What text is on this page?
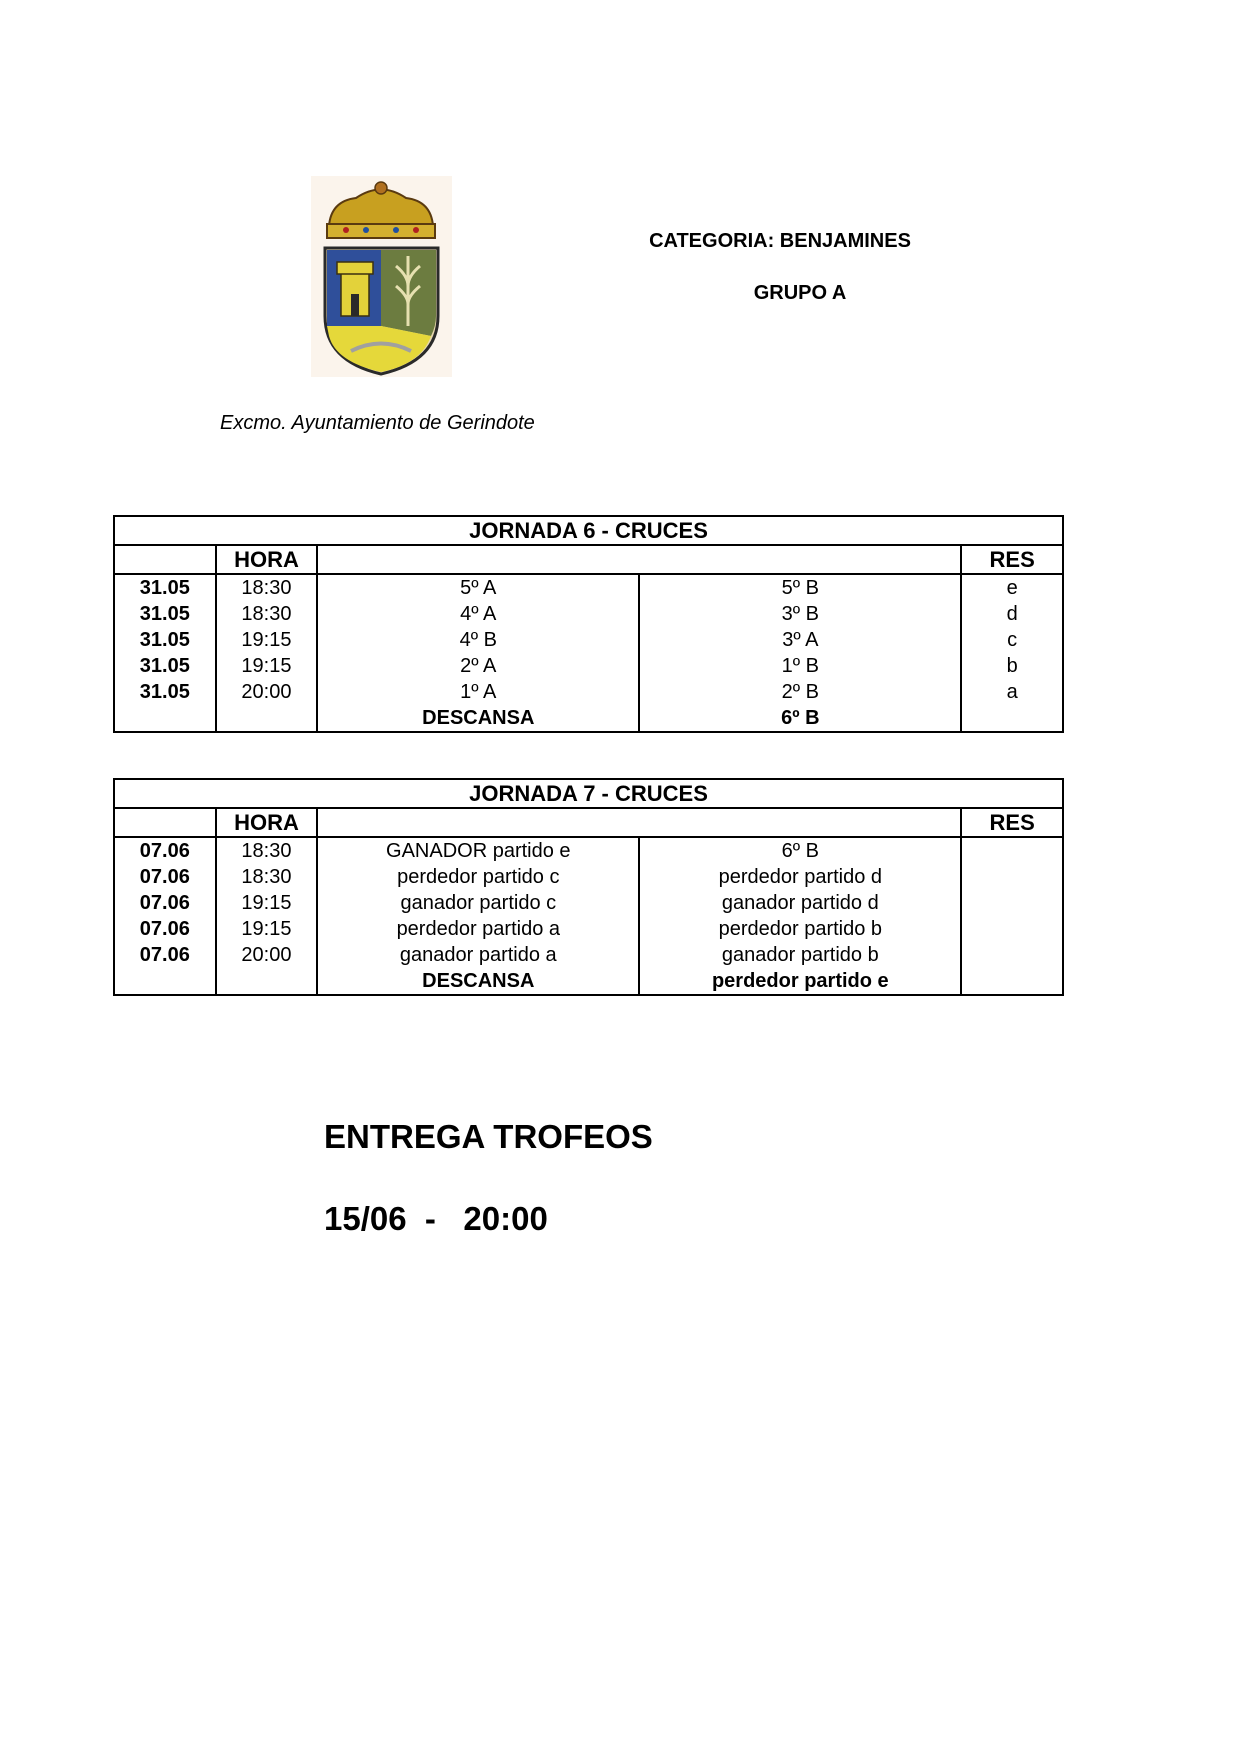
CATEGORIA: BENJAMINES
GRUPO A
Excmo. Ayuntamiento de Gerindote
JORNADA 6 - CRUCES				
	HORA			RES
31.05	18:30	5º A	5º B	e
31.05	18:30	4º A	3º B	d
31.05	19:15	4º B	3º A	c
31.05	19:15	2º A	1º B	b
31.05	20:00	1º A	2º B	a
		DESCANSA	6º B	
JORNADA 7 - CRUCES				
	HORA			RES
07.06	18:30	GANADOR partido e	6º B	
07.06	18:30	perdedor partido c	perdedor partido d	
07.06	19:15	ganador partido c	ganador partido d	
07.06	19:15	perdedor partido a	perdedor partido b	
07.06	20:00	ganador partido a	ganador partido b	
		DESCANSA	perdedor partido e	
ENTREGA TROFEOS
15/06  -   20:00
